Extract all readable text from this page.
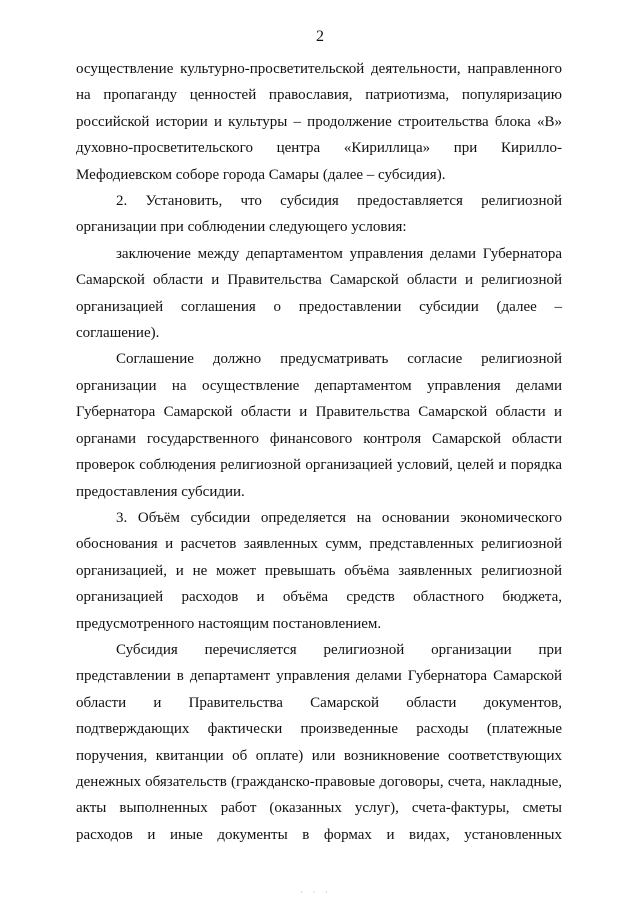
2
осуществление культурно-просветительской деятельности, направленного
на пропаганду ценностей православия, патриотизма, популяризацию
российской истории и культуры – продолжение строительства блока «В»
духовно-просветительского центра «Кириллица» при Кирилло-
Мефодиевском соборе города Самары (далее – субсидия).
2. Установить, что субсидия предоставляется религиозной
организации при соблюдении следующего условия:
заключение между департаментом управления делами Губернатора
Самарской области и Правительства Самарской области и религиозной
организацией соглашения о предоставлении субсидии (далее –
соглашение).
Соглашение должно предусматривать согласие религиозной
организации на осуществление департаментом управления делами
Губернатора Самарской области и Правительства Самарской области и
органами государственного финансового контроля Самарской области
проверок соблюдения религиозной организацией условий, целей и порядка
предоставления субсидии.
3. Объём субсидии определяется на основании экономического
обоснования и расчетов заявленных сумм, представленных религиозной
организацией, и не может превышать объёма заявленных религиозной
организацией расходов и объёма средств областного бюджета,
предусмотренного настоящим постановлением.
Субсидия перечисляется религиозной организации при
представлении в департамент управления делами Губернатора Самарской
области и Правительства Самарской области документов,
подтверждающих фактически произведенные расходы (платежные
поручения, квитанции об оплате) или возникновение соответствующих
денежных обязательств (гражданско-правовые договоры, счета, накладные,
акты выполненных работ (оказанных услуг), счета-фактуры, сметы
расходов и иные документы в формах и видах, установленных
· · ·
